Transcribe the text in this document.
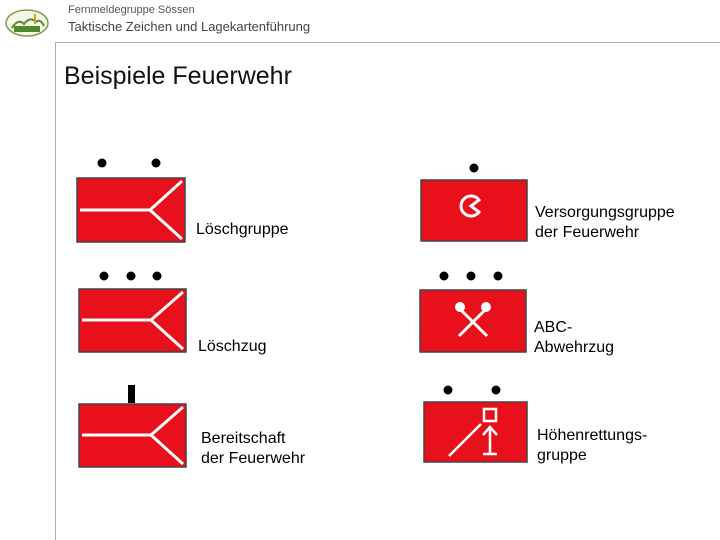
Fernmeldegruppe Sössen
Taktische Zeichen und Lagekartenführung
Beispiele Feuerwehr
Löschgruppe
Löschzug
Bereitschaft
der Feuerwehr
Versorgungsgruppe
der Feuerwehr
ABC-
Abwehrzug
Höhenrettungs-
gruppe
